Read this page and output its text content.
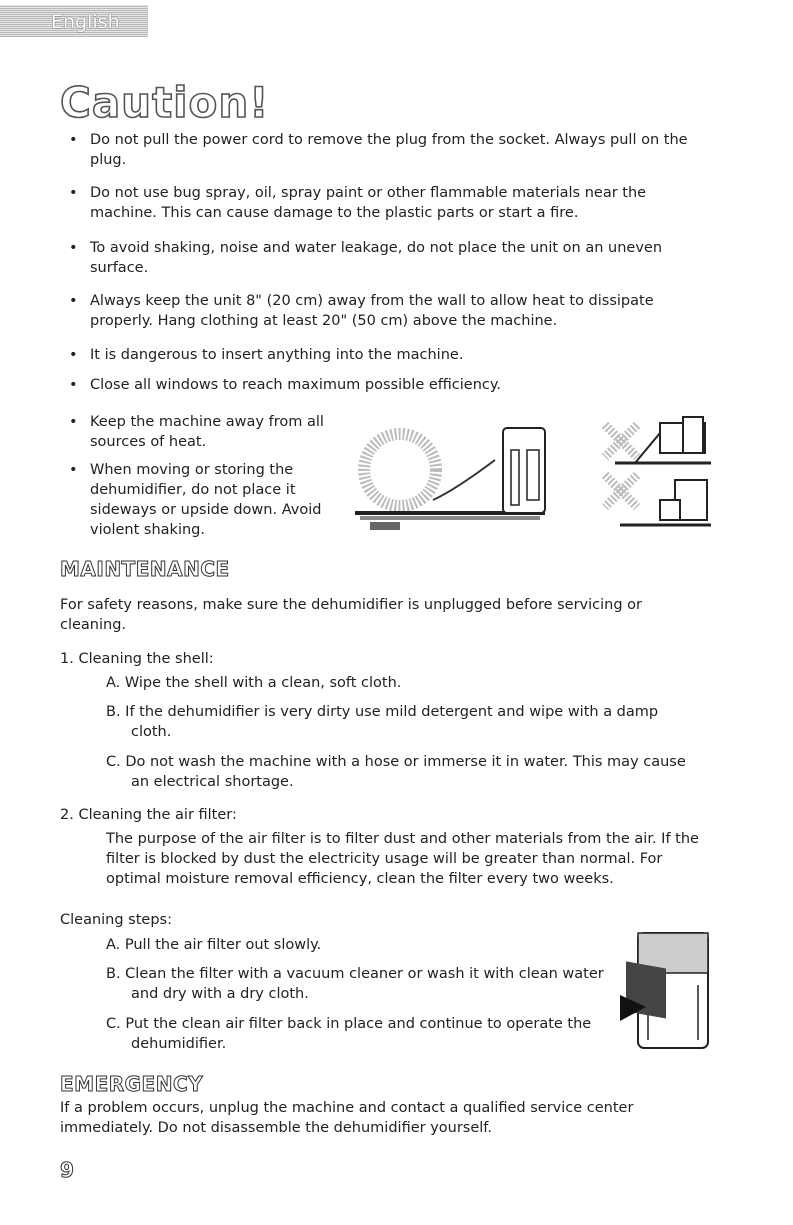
English
Caution!
• Do not pull the power cord to remove the plug from the socket. Always pull on the plug.
• Do not use bug spray, oil, spray paint or other flammable materials near the machine. This can cause damage to the plastic parts or start a fire.
• To avoid shaking, noise and water leakage, do not place the unit on an uneven surface.
• Always keep the unit 8" (20 cm) away from the wall to allow heat to dissipate properly. Hang clothing at least 20" (50 cm) above the machine.
• It is dangerous to insert anything into the machine.
• Close all windows to reach maximum possible efficiency.
• Keep the machine away from all sources of heat.
• When moving or storing the dehumidifier, do not place it sideways or upside down. Avoid violent shaking.
MAINTENANCE
For safety reasons, make sure the dehumidifier is unplugged before servicing or cleaning.
1. Cleaning the shell:
A. Wipe the shell with a clean, soft cloth.
B. If the dehumidifier is very dirty use mild detergent and wipe with a damp cloth.
C. Do not wash the machine with a hose or immerse it in water. This may cause an electrical shortage.
2. Cleaning the air filter:
The purpose of the air filter is to filter dust and other materials from the air. If the filter is blocked by dust the electricity usage will be greater than normal. For optimal moisture removal efficiency, clean the filter every two weeks.
Cleaning steps:
A. Pull the air filter out slowly.
B. Clean the filter with a vacuum cleaner or wash it with clean water and dry with a dry cloth.
C. Put the clean air filter back in place and continue to operate the dehumidifier.
EMERGENCY
If a problem occurs, unplug the machine and contact a qualified service center immediately. Do not disassemble the dehumidifier yourself.
9
